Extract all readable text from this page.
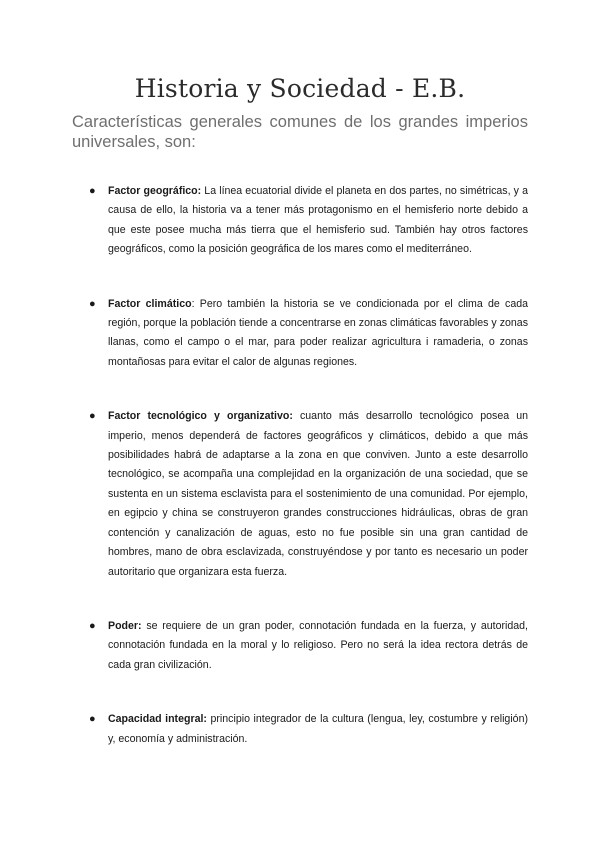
Historia y Sociedad - E.B.

Características generales comunes de los grandes imperios universales, son:

● Factor geográfico: La línea ecuatorial divide el planeta en dos partes, no simétricas, y a causa de ello, la historia va a tener más protagonismo en el hemisferio norte debido a que este posee mucha más tierra que el hemisferio sud. También hay otros factores geográficos, como la posición geográfica de los mares como el mediterráneo.
● Factor climático: Pero también la historia se ve condicionada por el clima de cada región, porque la población tiende a concentrarse en zonas climáticas favorables y zonas llanas, como el campo o el mar, para poder realizar agricultura i ramaderia, o zonas montañosas para evitar el calor de algunas regiones.
● Factor tecnológico y organizativo: cuanto más desarrollo tecnológico posea un imperio, menos dependerá de factores geográficos y climáticos, debido a que más posibilidades habrá de adaptarse a la zona en que conviven. Junto a este desarrollo tecnológico, se acompaña una complejidad en la organización de una sociedad, que se sustenta en un sistema esclavista para el sostenimiento de una comunidad. Por ejemplo, en egipcio y china se construyeron grandes construcciones hidráulicas, obras de gran contención y canalización de aguas, esto no fue posible sin una gran cantidad de hombres, mano de obra esclavizada, construyéndose y por tanto es necesario un poder autoritario que organizara esta fuerza.
● Poder: se requiere de un gran poder, connotación fundada en la fuerza, y autoridad, connotación fundada en la moral y lo religioso. Pero no será la idea rectora detrás de cada gran civilización.
● Capacidad integral: principio integrador de la cultura (lengua, ley, costumbre y religión) y, economía y administración.
